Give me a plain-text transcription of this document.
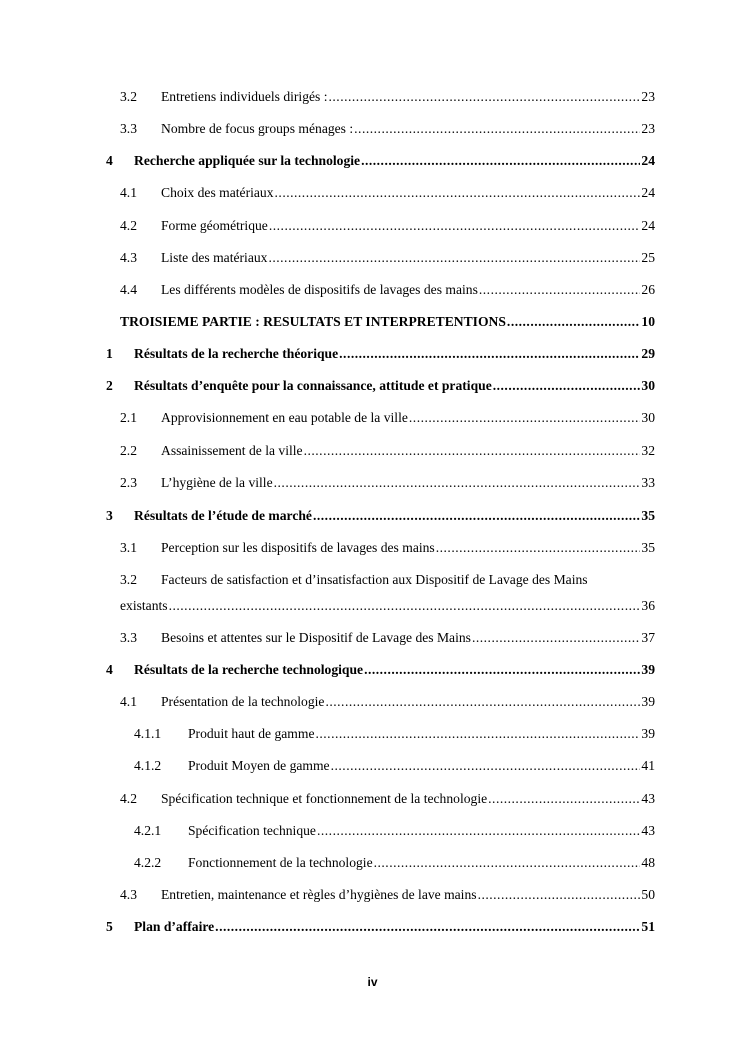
3.2	Entretiens individuels dirigés : .....	23
3.3	Nombre de focus groups ménages : .....	23
4	Recherche appliquée sur la technologie .....	24
4.1	Choix des matériaux .....	24
4.2	Forme géométrique .....	24
4.3	Liste des matériaux .....	25
4.4	Les différents modèles de dispositifs de lavages des mains .....	26
TROISIEME PARTIE : RESULTATS ET INTERPRETENTIONS .....	10
1	Résultats de la recherche théorique .....	29
2	Résultats d’enquête pour la connaissance, attitude et pratique .....	30
2.1	Approvisionnement en eau potable de la ville .....	30
2.2	Assainissement de la ville .....	32
2.3	L’hygiène de la ville .....	33
3	Résultats de l’étude de marché .....	35
3.1	Perception sur les dispositifs de lavages des mains .....	35
3.2 Facteurs de satisfaction et d’insatisfaction aux Dispositif de Lavage des Mains
existants .....	36
3.3	Besoins et attentes sur le Dispositif de Lavage des Mains .....	37
4	Résultats de la recherche technologique .....	39
4.1	Présentation de la technologie .....	39
4.1.1	Produit haut de gamme .....	39
4.1.2	Produit Moyen de gamme .....	41
4.2	Spécification technique et fonctionnement de la technologie .....	43
4.2.1	Spécification technique .....	43
4.2.2	Fonctionnement de la technologie .....	48
4.3	Entretien, maintenance et règles d’hygiènes de lave mains .....	50
5	Plan d’affaire .....	51
iv
